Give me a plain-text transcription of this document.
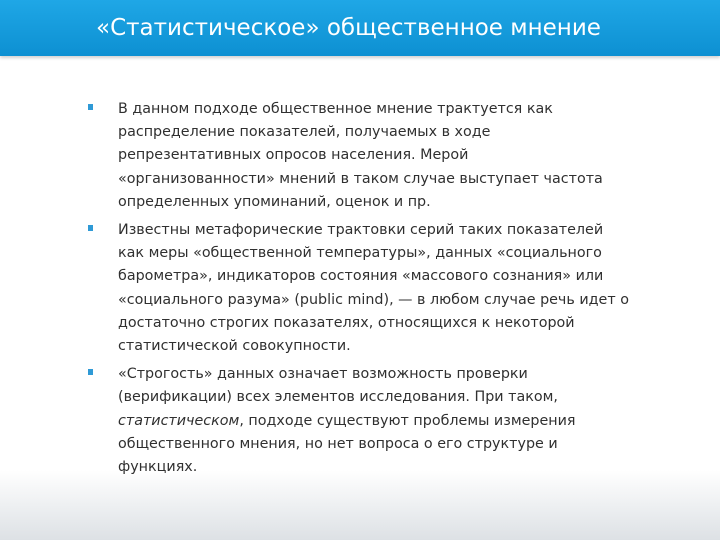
«Статистическое» общественное мнение
В данном подходе общественное мнение трактуется как
распределение показателей, получаемых в ходе
репрезентативных опросов населения. Мерой
«организованности» мнений в таком случае выступает частота
определенных упоминаний, оценок и пр.
Известны метафорические трактовки серий таких показателей
как меры «общественной температуры», данных «социального
барометра», индикаторов состояния «массового сознания» или
«социального разума» (public mind), — в любом случае речь идет о
достаточно строгих показателях, относящихся к некоторой
статистической совокупности.
«Строгость» данных означает возможность проверки
(верификации) всех элементов исследования. При таком,
статистическом, подходе существуют проблемы измерения
общественного мнения, но нет вопроса о его структуре и
функциях.
